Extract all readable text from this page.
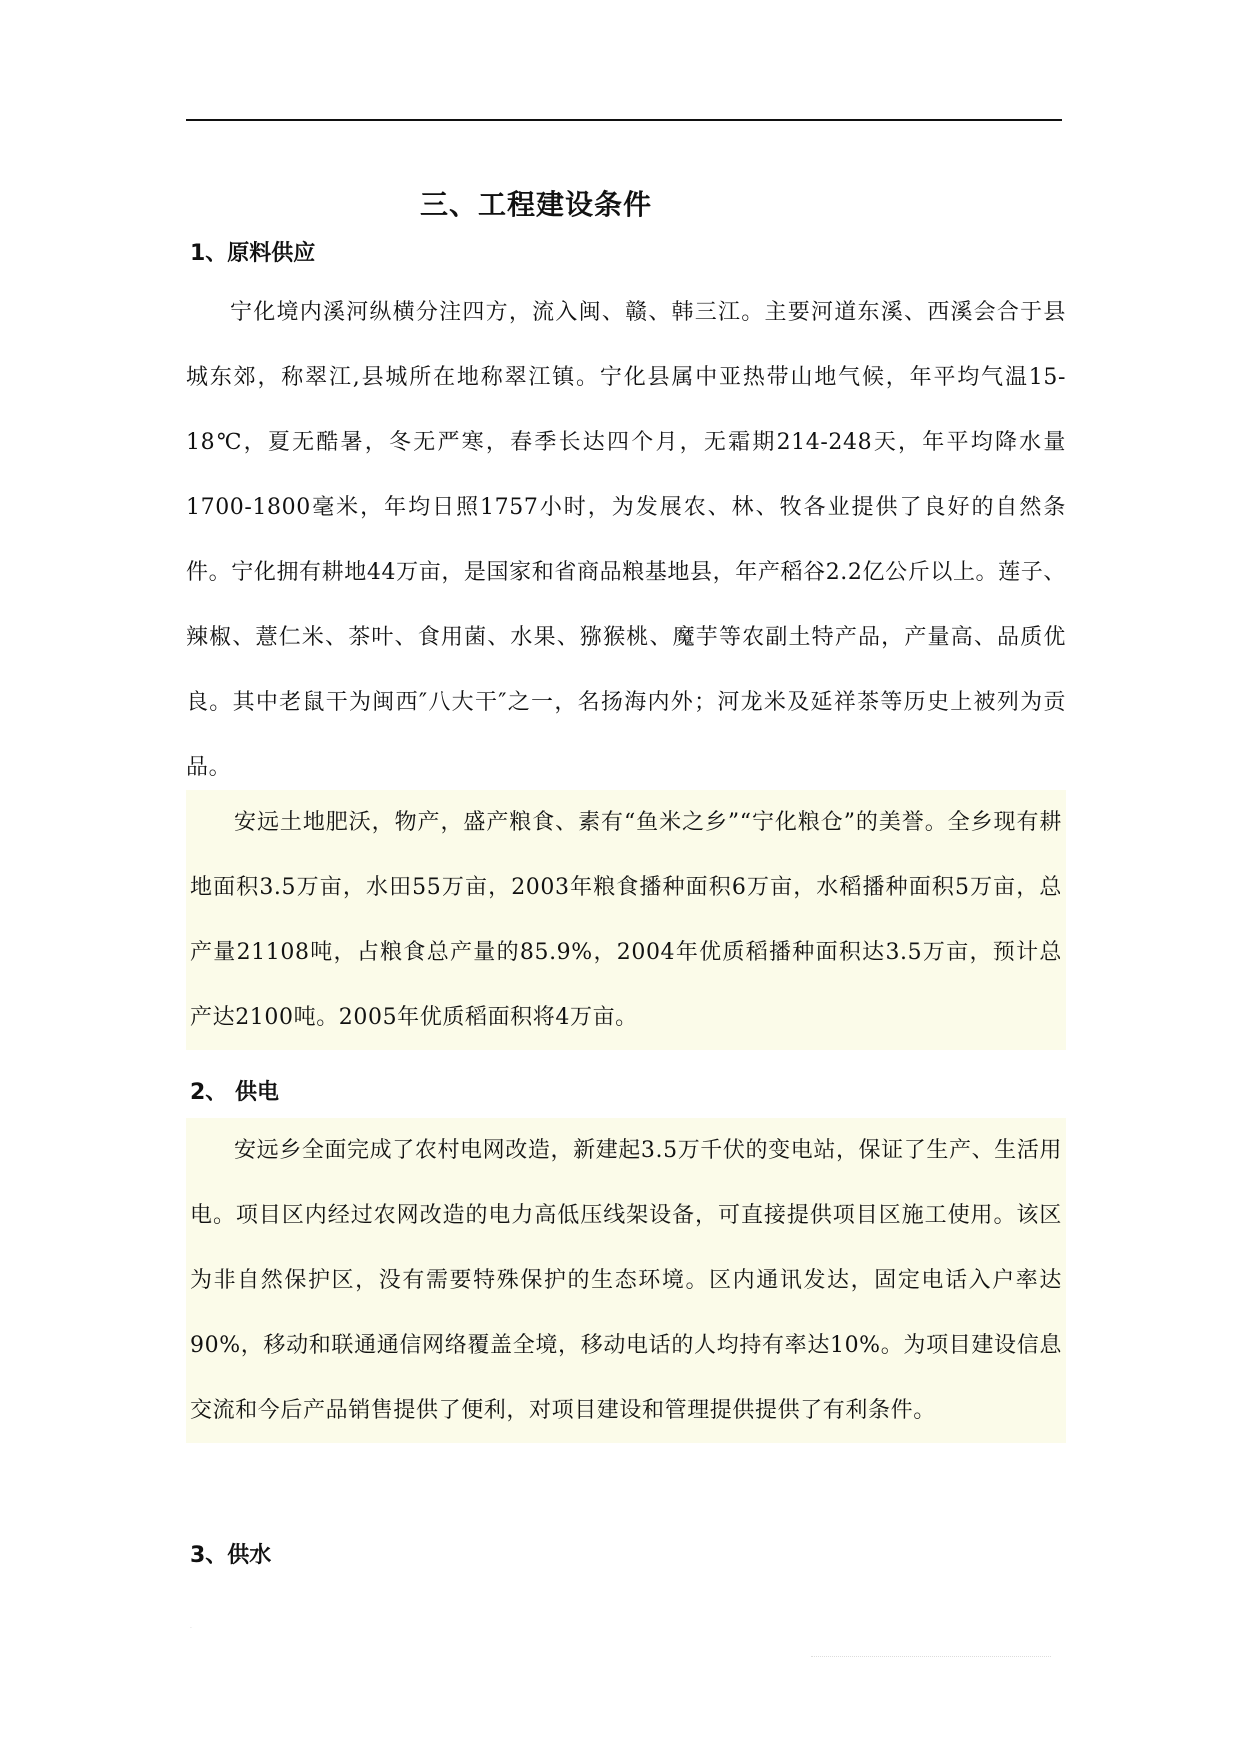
三、工程建设条件
1、原料供应

宁化境内溪河纵横分注四方，流入闽、赣、韩三江。主要河道东溪、西溪会合于县城东郊，称翠江,县城所在地称翠江镇。宁化县属中亚热带山地气候，年平均气温15-18℃，夏无酷暑，冬无严寒，春季长达四个月，无霜期214-248天，年平均降水量1700-1800毫米，年均日照1757小时，为发展农、林、牧各业提供了良好的自然条件。宁化拥有耕地44万亩，是国家和省商品粮基地县，年产稻谷2.2亿公斤以上。莲子、辣椒、薏仁米、茶叶、食用菌、水果、猕猴桃、魔芋等农副土特产品，产量高、品质优良。其中老鼠干为闽西″八大干″之一，名扬海内外；河龙米及延祥茶等历史上被列为贡品。

安远土地肥沃，物产，盛产粮食、素有“鱼米之乡”“宁化粮仓”的美誉。全乡现有耕地面积3.5万亩，水田55万亩，2003年粮食播种面积6万亩，水稻播种面积5万亩，总产量21108吨，占粮食总产量的85.9%，2004年优质稻播种面积达3.5万亩，预计总产达2100吨。2005年优质稻面积将4万亩。

2、 供电

安远乡全面完成了农村电网改造，新建起3.5万千伏的变电站，保证了生产、生活用电。项目区内经过农网改造的电力高低压线架设备，可直接提供项目区施工使用。该区为非自然保护区，没有需要特殊保护的生态环境。区内通讯发达，固定电话入户率达90%，移动和联通通信网络覆盖全境，移动电话的人均持有率达10%。为项目建设信息交流和今后产品销售提供了便利，对项目建设和管理提供提供了有利条件。

3、供水
.
